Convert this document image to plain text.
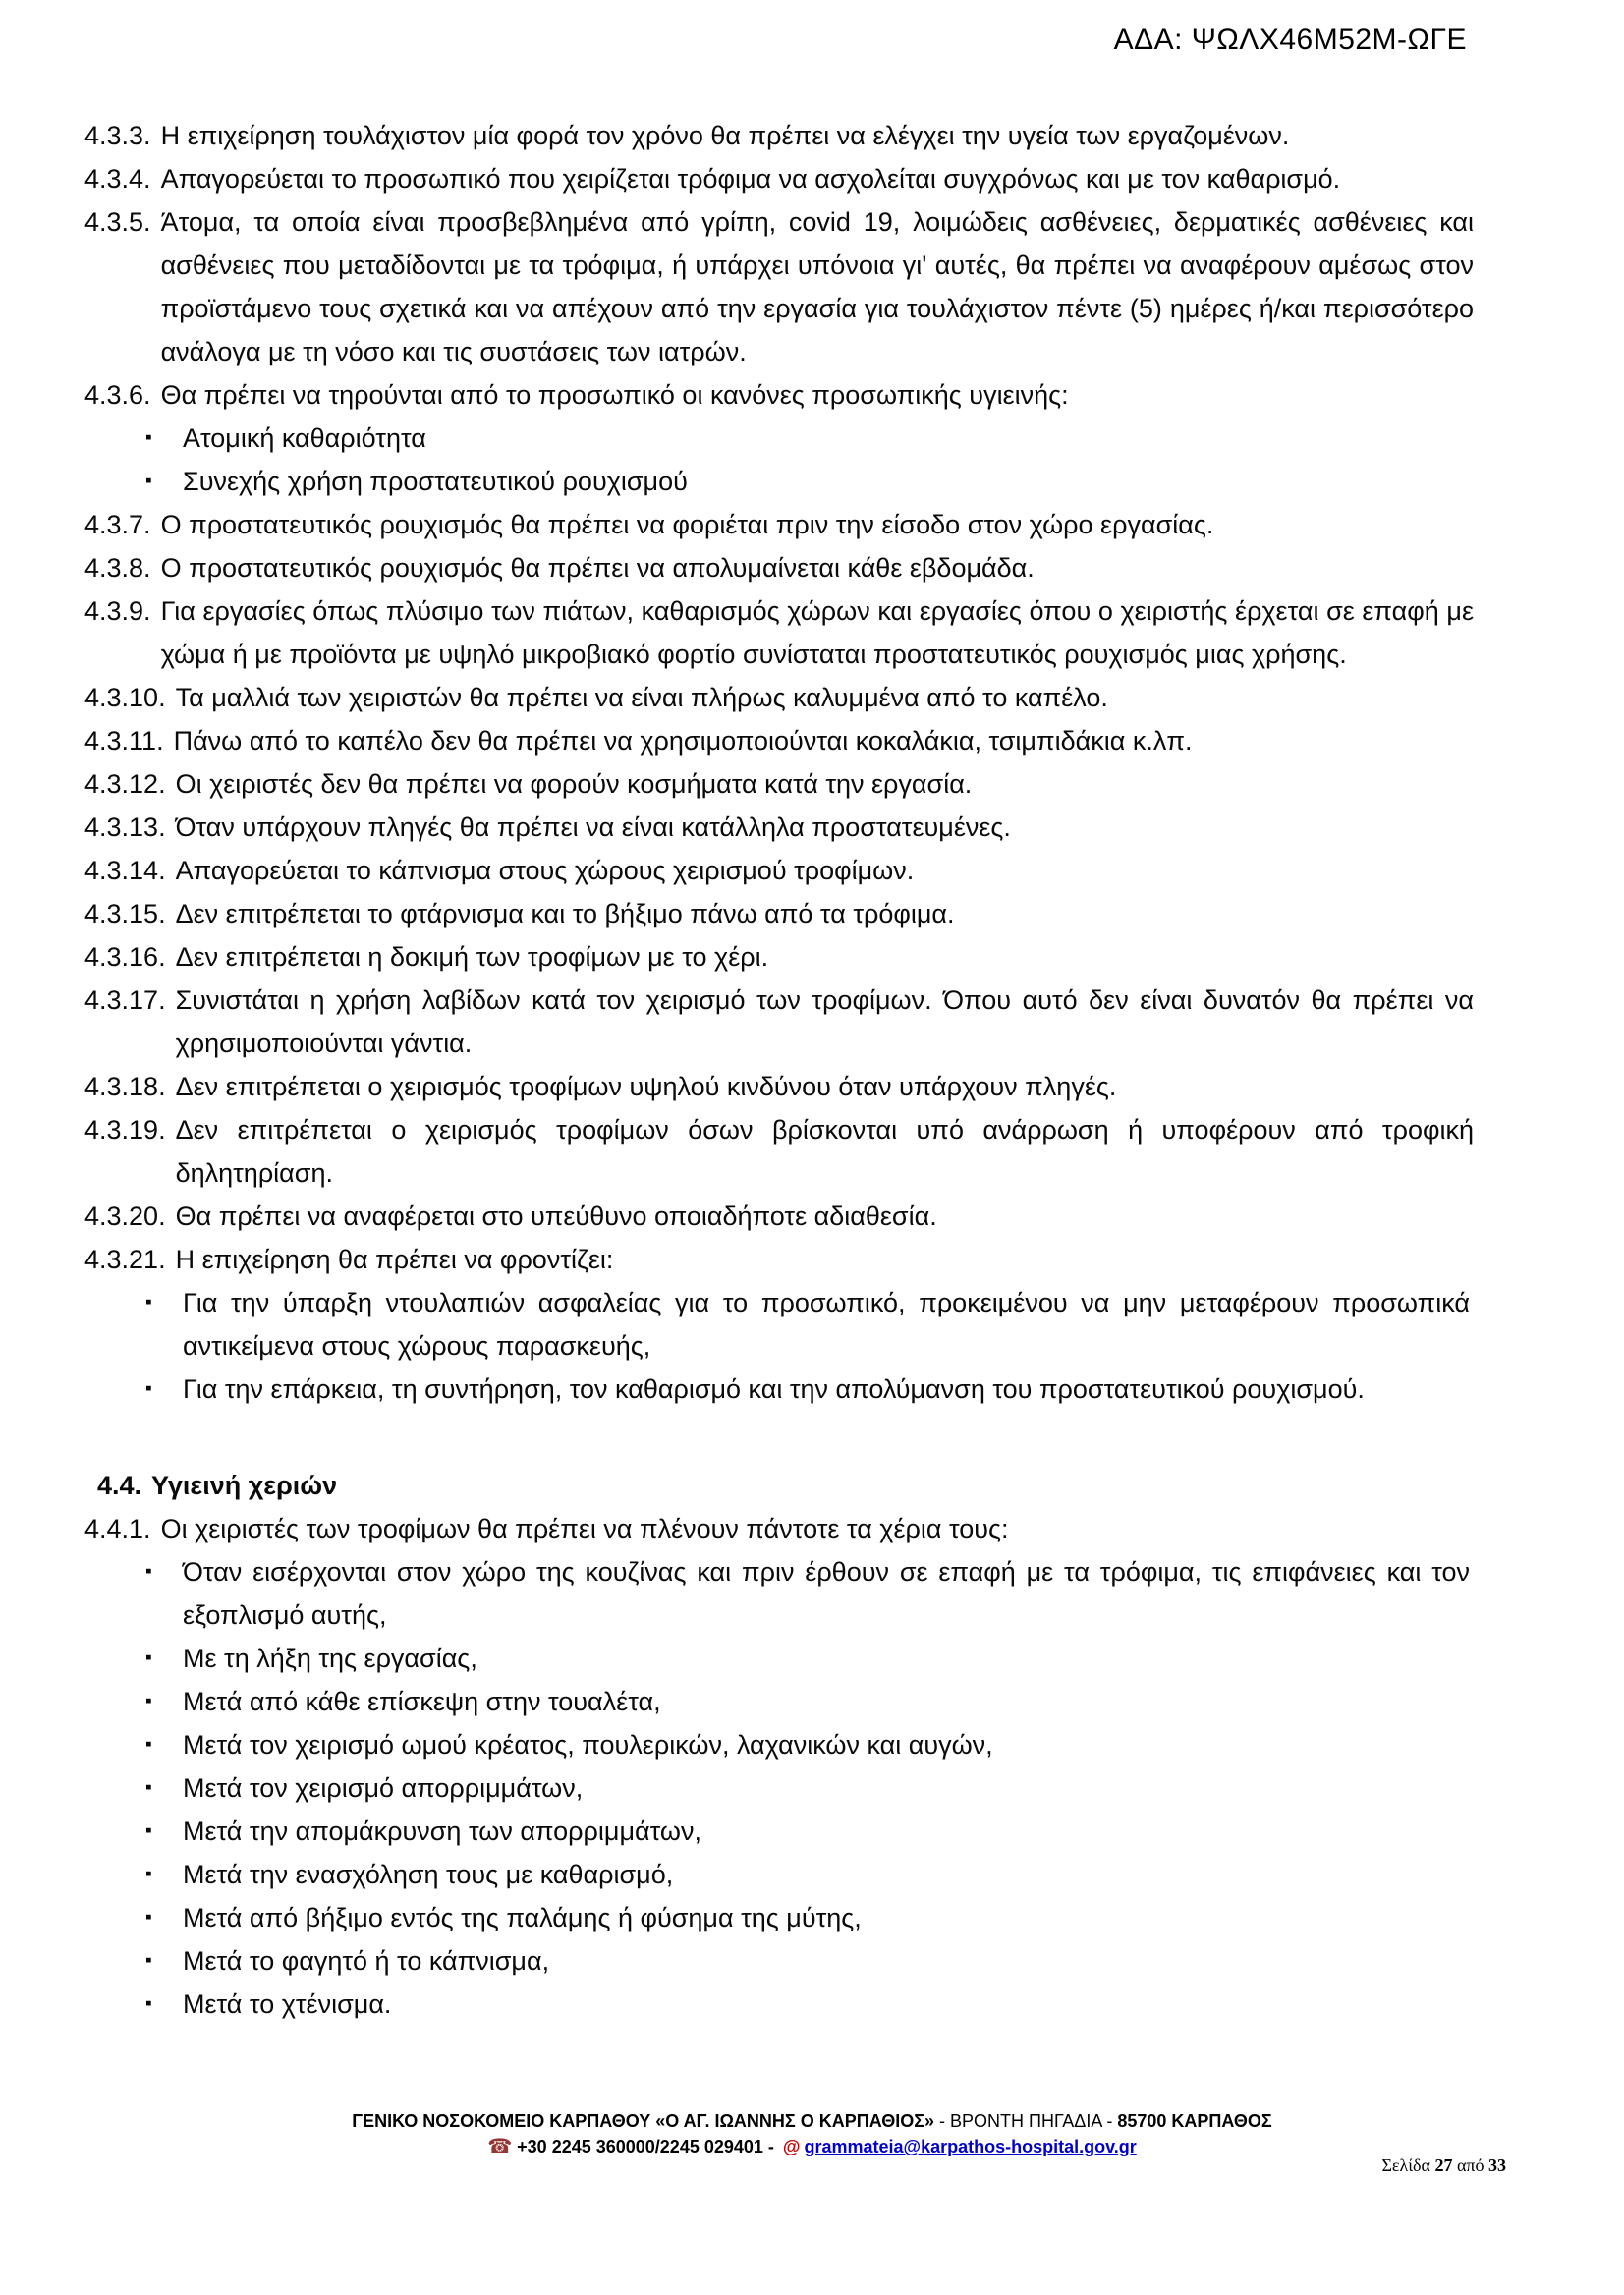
ΑΔΑ: ΨΩΛΧ46Μ52Μ-ΩΓΕ
4.3.3. Η επιχείρηση τουλάχιστον μία φορά τον χρόνο θα πρέπει να ελέγχει την υγεία των εργαζομένων.
4.3.4. Απαγορεύεται το προσωπικό που χειρίζεται τρόφιμα να ασχολείται συγχρόνως και με τον καθαρισμό.
4.3.5. Άτομα, τα οποία είναι προσβεβλημένα από γρίπη, covid 19, λοιμώδεις ασθένειες, δερματικές ασθένειες και ασθένειες που μεταδίδονται με τα τρόφιμα, ή υπάρχει υπόνοια γι' αυτές, θα πρέπει να αναφέρουν αμέσως στον προϊστάμενο τους σχετικά και να απέχουν από την εργασία για τουλάχιστον πέντε (5) ημέρες ή/και περισσότερο ανάλογα με τη νόσο και τις συστάσεις των ιατρών.
4.3.6. Θα πρέπει να τηρούνται από το προσωπικό οι κανόνες προσωπικής υγιεινής:
▪	Ατομική καθαριότητα
▪	Συνεχής χρήση προστατευτικού ρουχισμού
4.3.7. Ο προστατευτικός ρουχισμός θα πρέπει να φοριέται πριν την είσοδο στον χώρο εργασίας.
4.3.8. Ο προστατευτικός ρουχισμός θα πρέπει να απολυμαίνεται κάθε εβδομάδα.
4.3.9. Για εργασίες όπως πλύσιμο των πιάτων, καθαρισμός χώρων και εργασίες όπου ο χειριστής έρχεται σε επαφή με χώμα ή με προϊόντα με υψηλό μικροβιακό φορτίο συνίσταται προστατευτικός ρουχισμός μιας χρήσης.
4.3.10. Τα μαλλιά των χειριστών θα πρέπει να είναι πλήρως καλυμμένα από το καπέλο.
4.3.11. Πάνω από το καπέλο δεν θα πρέπει να χρησιμοποιούνται κοκαλάκια, τσιμπιδάκια κ.λπ.
4.3.12. Οι χειριστές δεν θα πρέπει να φορούν κοσμήματα κατά την εργασία.
4.3.13. Όταν υπάρχουν πληγές θα πρέπει να είναι κατάλληλα προστατευμένες.
4.3.14. Απαγορεύεται το κάπνισμα στους χώρους χειρισμού τροφίμων.
4.3.15. Δεν επιτρέπεται το φτάρνισμα και το βήξιμο πάνω από τα τρόφιμα.
4.3.16. Δεν επιτρέπεται η δοκιμή των τροφίμων με το χέρι.
4.3.17. Συνιστάται η χρήση λαβίδων κατά τον χειρισμό των τροφίμων. Όπου αυτό δεν είναι δυνατόν θα πρέπει να χρησιμοποιούνται γάντια.
4.3.18. Δεν επιτρέπεται ο χειρισμός τροφίμων υψηλού κινδύνου όταν υπάρχουν πληγές.
4.3.19. Δεν επιτρέπεται ο χειρισμός τροφίμων όσων βρίσκονται υπό ανάρρωση ή υποφέρουν από τροφική δηλητηρίαση.
4.3.20. Θα πρέπει να αναφέρεται στο υπεύθυνο οποιαδήποτε αδιαθεσία.
4.3.21. Η επιχείρηση θα πρέπει να φροντίζει:
▪	Για την ύπαρξη ντουλαπιών ασφαλείας για το προσωπικό, προκειμένου να μην μεταφέρουν προσωπικά αντικείμενα στους χώρους παρασκευής,
▪	Για την επάρκεια, τη συντήρηση, τον καθαρισμό και την απολύμανση του προστατευτικού ρουχισμού.
4.4. Υγιεινή χεριών
4.4.1. Οι χειριστές των τροφίμων θα πρέπει να πλένουν πάντοτε τα χέρια τους:
▪	Όταν εισέρχονται στον χώρο της κουζίνας και πριν έρθουν σε επαφή με τα τρόφιμα, τις επιφάνειες και τον εξοπλισμό αυτής,
▪	Με τη λήξη της εργασίας,
▪	Μετά από κάθε επίσκεψη στην τουαλέτα,
▪	Μετά τον χειρισμό ωμού κρέατος, πουλερικών, λαχανικών και αυγών,
▪	Μετά τον χειρισμό απορριμμάτων,
▪	Μετά την απομάκρυνση των απορριμμάτων,
▪	Μετά την ενασχόληση τους με καθαρισμό,
▪	Μετά από βήξιμο εντός της παλάμης ή φύσημα της μύτης,
▪	Μετά το φαγητό ή το κάπνισμα,
▪	Μετά το χτένισμα.
ΓΕΝΙΚΟ ΝΟΣΟΚΟΜΕΙΟ ΚΑΡΠΑΘΟΥ «Ο ΑΓ. ΙΩΑΝΝΗΣ Ο ΚΑΡΠΑΘΙΟΣ» - ΒΡΟΝΤΗ ΠΗΓΑΔΙΑ - 85700 ΚΑΡΠΑΘΟΣ
☎ +30 2245 360000/2245 029401 - @ grammateia@karpathos-hospital.gov.gr
Σελίδα 27 από 33
